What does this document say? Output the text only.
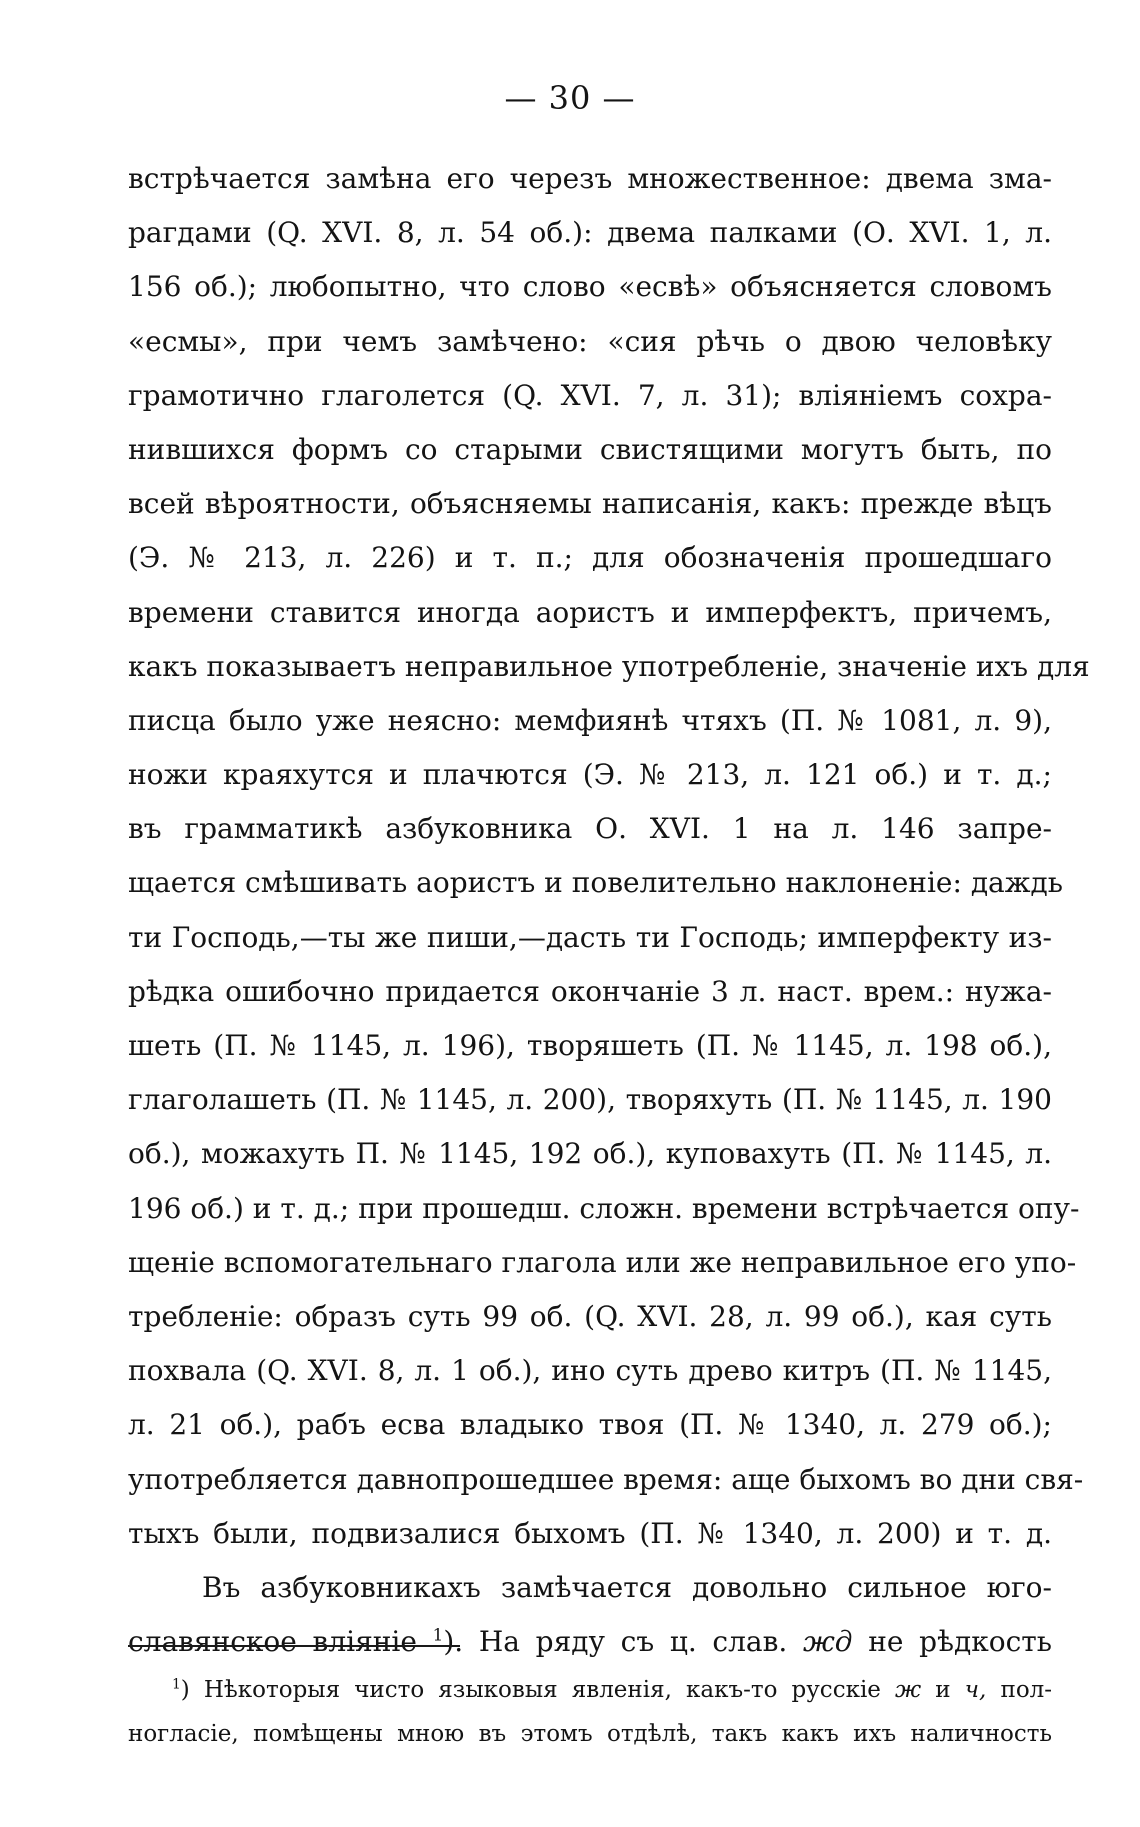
— 30 —
встрѣчается замѣна его черезъ множественное: двема зма-
рагдами (Q. XVI. 8, л. 54 об.): двема палками (О. XVI. 1, л.
156 об.); любопытно, что слово «есвѣ» объясняется словомъ
«есмы», при чемъ замѣчено: «сия рѣчь о двою человѣку
грамотично глаголется (Q. XVI. 7, л. 31); вліяніемъ сохра-
нившихся формъ со старыми свистящими могутъ быть, по
всей вѣроятности, объясняемы написанія, какъ: прежде вѣцъ
(Э. № 213, л. 226) и т. п.; для обозначенія прошедшаго
времени ставится иногда аористъ и имперфектъ, причемъ,
какъ показываетъ неправильное употребленіе, значеніе ихъ для
писца было уже неясно: мемфиянѣ чтяхъ (П. № 1081, л. 9),
ножи краяхутся и плачются (Э. № 213, л. 121 об.) и т. д.;
въ грамматикѣ азбуковника О. XVI. 1 на л. 146 запре-
щается смѣшивать аористъ и повелительно наклоненіе: даждь
ти Господь,—ты же пиши,—дасть ти Господь; имперфекту из-
рѣдка ошибочно придается окончаніе 3 л. наст. врем.: нужа-
шеть (П. № 1145, л. 196), творяшеть (П. № 1145, л. 198 об.),
глаголашеть (П. № 1145, л. 200), творяхуть (П. № 1145, л. 190
об.), можахуть П. № 1145, 192 об.), куповахуть (П. № 1145, л.
196 об.) и т. д.; при прошедш. сложн. времени встрѣчается опу-
щеніе вспомогательнаго глагола или же неправильное его упо-
требленіе: образъ суть 99 об. (Q. XVI. 28, л. 99 об.), кая суть
похвала (Q. XVI. 8, л. 1 об.), ино суть древо китръ (П. № 1145,
л. 21 об.), рабъ есва владыко твоя (П. № 1340, л. 279 об.);
употребляется давнопрошедшее время: аще быхомъ во дни свя-
тыхъ были, подвизалися быхомъ (П. № 1340, л. 200) и т. д.
Въ азбуковникахъ замѣчается довольно сильное юго-
славянское вліяніе $^1$). На ряду съ ц. слав. жд не рѣдкость
$^1$) Нѣкоторыя чисто языковыя явленія, какъ-то русскіе ж и ч, пол-
ногласіе, помѣщены мною въ этомъ отдѣлѣ, такъ какъ ихъ наличность
